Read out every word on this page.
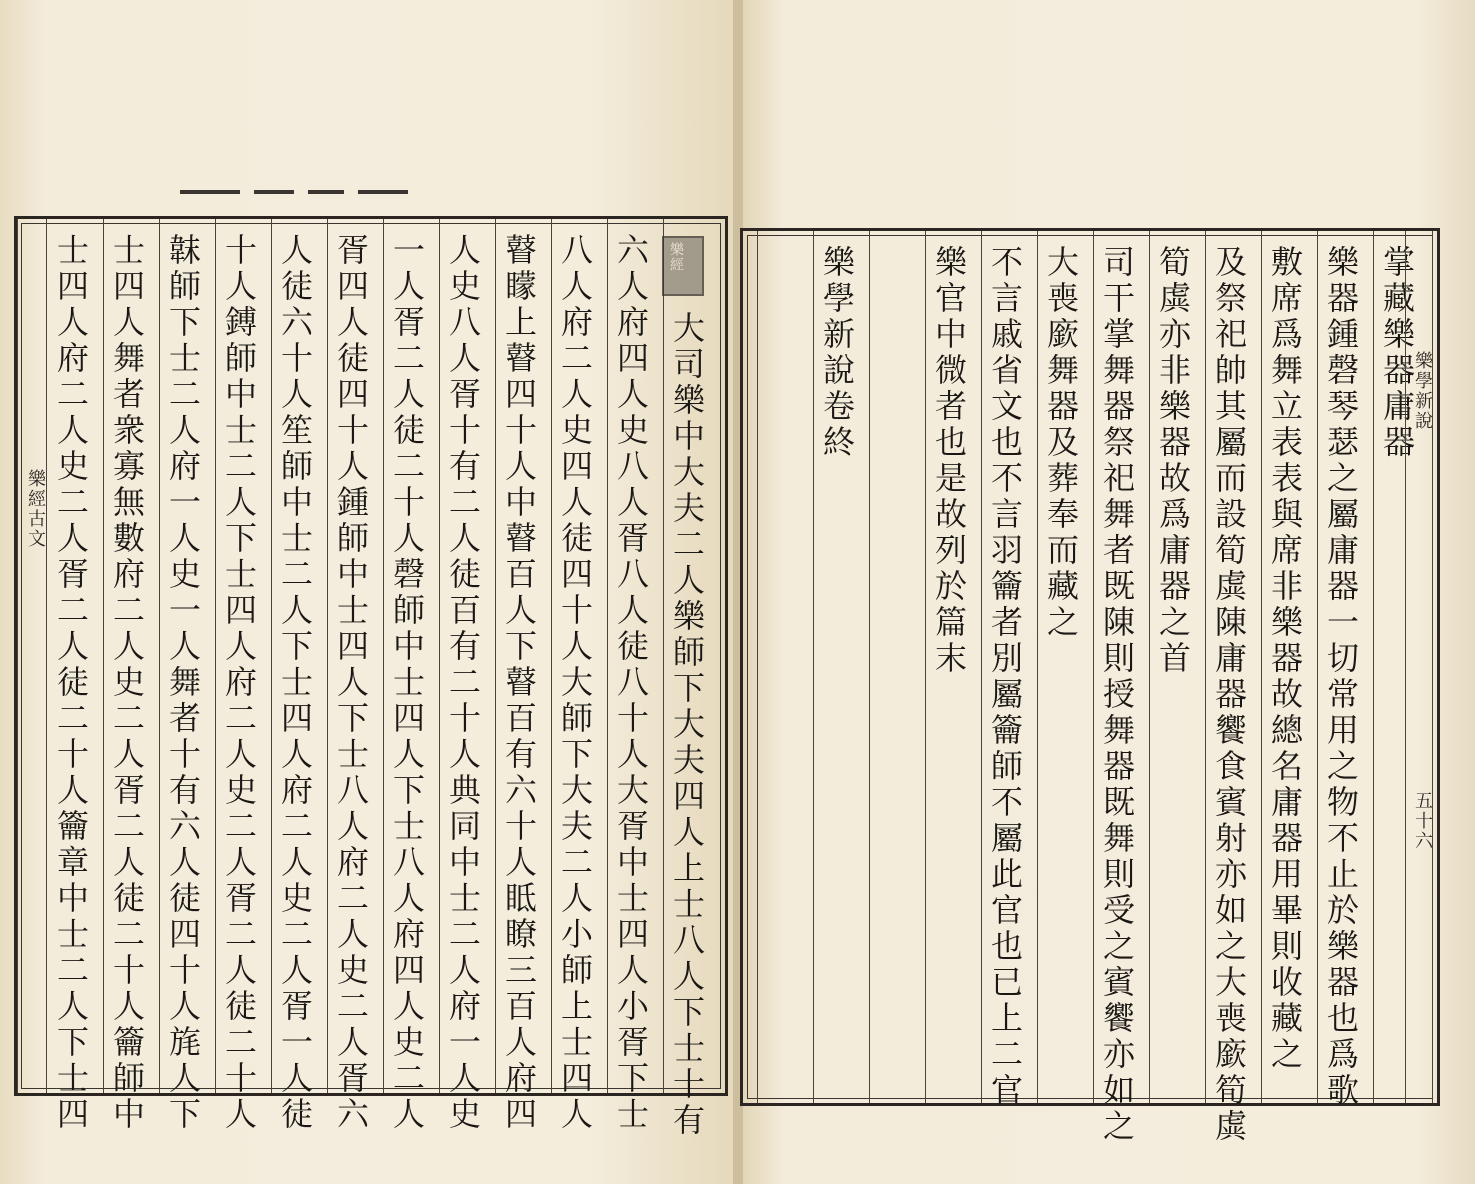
樂經古文	大司樂中大夫二人樂師下大夫四人上士八人下士十有
六人府四人史八人胥八人徒八十人大胥中士四人小胥下士
八人府二人史四人徒四十人大師下大夫二人小師上士四人
瞽矇上瞽四十人中瞽百人下瞽百有六十人眡瞭三百人府四
人史八人胥十有二人徒百有二十人典同中士二人府一人史
一人胥二人徒二十人磬師中士四人下士八人府四人史二人
胥四人徒四十人鍾師中士四人下士八人府二人史二人胥六
人徒六十人笙師中士二人下士四人府二人史二人胥一人徒
十人鎛師中士二人下士四人府二人史二人胥二人徒二十人
韎師下士二人府一人史一人舞者十有六人徒四十人旄人下
士四人舞者衆寡無數府二人史二人胥二人徒二十人籥師中
士四人府二人史二人胥二人徒二十人籥章中士二人下士四	樂經	掌藏樂器庸器
樂器鍾磬琴瑟之屬庸器一切常用之物不止於樂器也爲歌
敷席爲舞立表表與席非樂器故總名庸器用畢則收藏之
及祭祀帥其屬而設筍虡陳庸器饗食賓射亦如之大喪廞筍虡
筍虡亦非樂器故爲庸器之首
司干掌舞器祭祀舞者既陳則授舞器既舞則受之賓饗亦如之
大喪廞舞器及葬奉而藏之
不言戚省文也不言羽籥者別屬籥師不屬此官也已上二官
樂官中微者也是故列於篇末
樂學新說卷終	樂學新說
五十六
